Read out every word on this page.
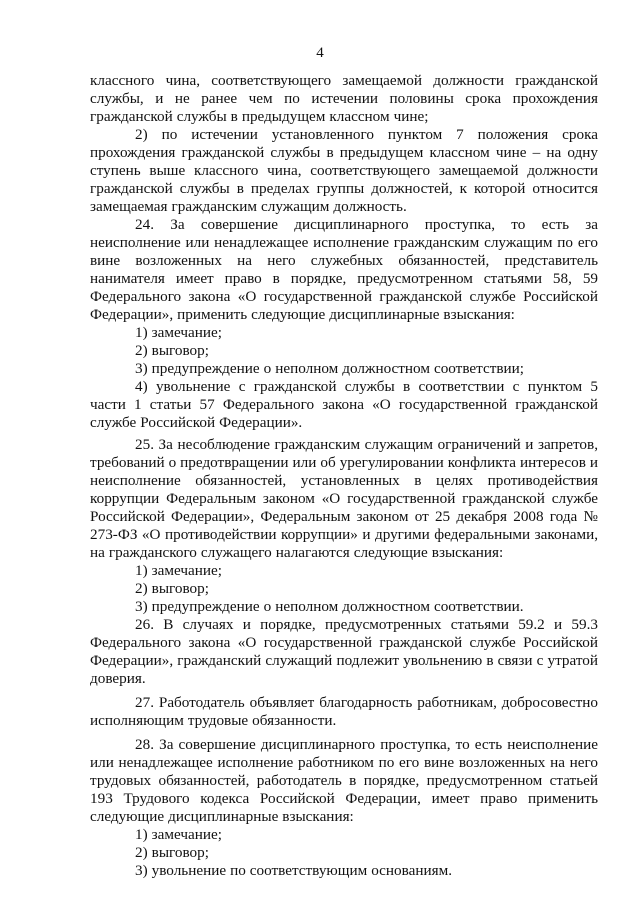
4

классного чина, соответствующего замещаемой должности гражданской службы, и не ранее чем по истечении половины срока прохождения гражданской службы в предыдущем классном чине;

2) по истечении установленного пунктом 7 положения срока прохождения гражданской службы в предыдущем классном чине – на одну ступень выше классного чина, соответствующего замещаемой должности гражданской службы в пределах группы должностей, к которой относится замещаемая гражданским служащим должность.

24. За совершение дисциплинарного проступка, то есть за неисполнение или ненадлежащее исполнение гражданским служащим по его вине возложенных на него служебных обязанностей, представитель нанимателя имеет право в порядке, предусмотренном статьями 58, 59 Федерального закона «О государственной гражданской службе Российской Федерации», применить следующие дисциплинарные взыскания:

1) замечание;

2) выговор;

3) предупреждение о неполном должностном соответствии;

4) увольнение с гражданской службы в соответствии с пунктом 5 части 1 статьи 57 Федерального закона «О государственной гражданской службе Российской Федерации».

25. За несоблюдение гражданским служащим ограничений и запретов, требований о предотвращении или об урегулировании конфликта интересов и неисполнение обязанностей, установленных в целях противодействия коррупции Федеральным законом «О государственной гражданской службе Российской Федерации», Федеральным законом от 25 декабря 2008 года № 273-ФЗ «О противодействии коррупции» и другими федеральными законами, на гражданского служащего налагаются следующие взыскания:

1) замечание;

2) выговор;

3) предупреждение о неполном должностном соответствии.

26. В случаях и порядке, предусмотренных статьями 59.2 и 59.3 Федерального закона «О государственной гражданской службе Российской Федерации», гражданский служащий подлежит увольнению в связи с утратой доверия.

27. Работодатель объявляет благодарность работникам, добросовестно исполняющим трудовые обязанности.

28. За совершение дисциплинарного проступка, то есть неисполнение или ненадлежащее исполнение работником по его вине возложенных на него трудовых обязанностей, работодатель в порядке, предусмотренном статьей 193 Трудового кодекса Российской Федерации, имеет право применить следующие дисциплинарные взыскания:

1) замечание;

2) выговор;

3) увольнение по соответствующим основаниям.
